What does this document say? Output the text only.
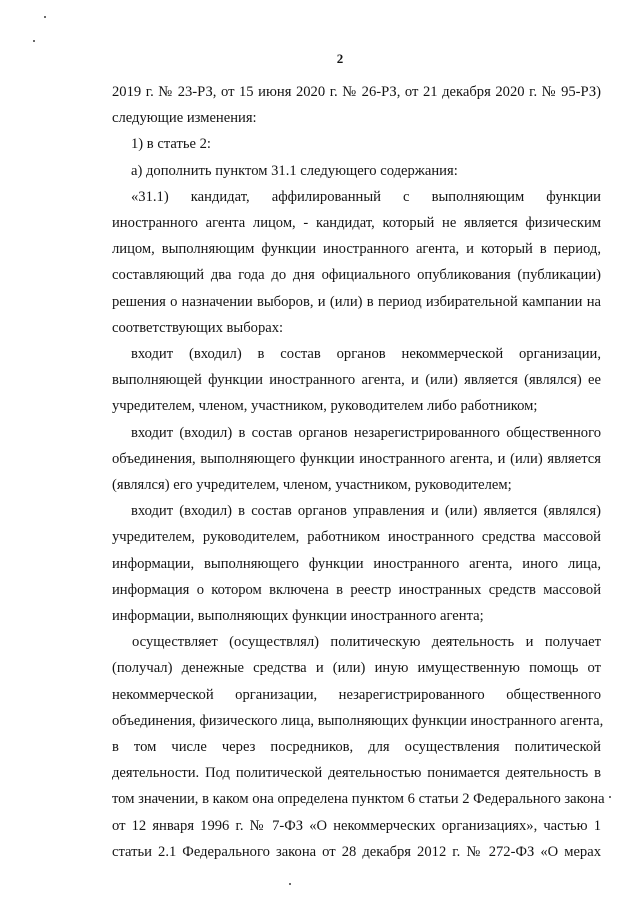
2
2019 г. № 23-РЗ, от 15 июня 2020 г. № 26-РЗ, от 21 декабря 2020 г. № 95-РЗ)
следующие изменения:
1) в статье 2:
а) дополнить пунктом 31.1 следующего содержания:
«31.1) кандидат, аффилированный с выполняющим функции
иностранного агента лицом, - кандидат, который не является физическим
лицом, выполняющим функции иностранного агента, и который в период,
составляющий два года до дня официального опубликования (публикации)
решения о назначении выборов, и (или) в период избирательной кампании на
соответствующих выборах:
входит (входил) в состав органов некоммерческой организации,
выполняющей функции иностранного агента, и (или) является (являлся) ее
учредителем, членом, участником, руководителем либо работником;
входит (входил) в состав органов незарегистрированного общественного
объединения, выполняющего функции иностранного агента, и (или) является
(являлся) его учредителем, членом, участником, руководителем;
входит (входил) в состав органов управления и (или) является (являлся)
учредителем, руководителем, работником иностранного средства массовой
информации, выполняющего функции иностранного агента, иного лица,
информация о котором включена в реестр иностранных средств массовой
информации, выполняющих функции иностранного агента;
осуществляет (осуществлял) политическую деятельность и получает
(получал) денежные средства и (или) иную имущественную помощь от
некоммерческой организации, незарегистрированного общественного
объединения, физического лица, выполняющих функции иностранного агента,
в том числе через посредников, для осуществления политической
деятельности. Под политической деятельностью понимается деятельность в
том значении, в каком она определена пунктом 6 статьи 2 Федерального закона
от 12 января 1996 г. № 7-ФЗ «О некоммерческих организациях», частью 1
статьи 2.1 Федерального закона от 28 декабря 2012 г. № 272-ФЗ «О мерах
